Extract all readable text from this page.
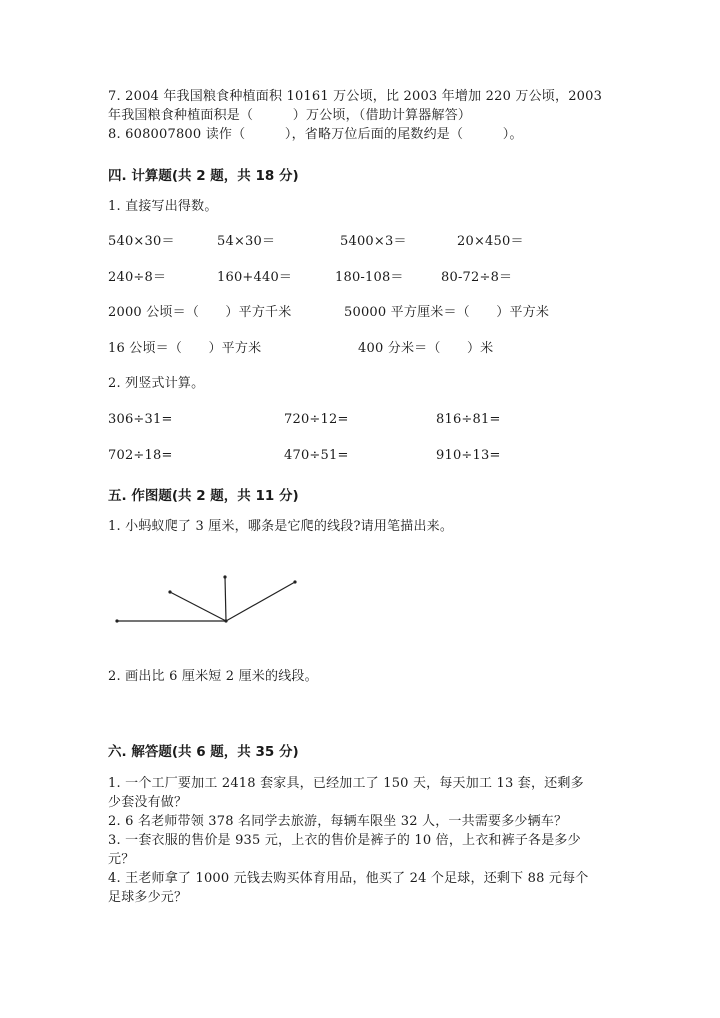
7. 2004 年我国粮食种植面积 10161 万公顷，比 2003 年增加 220 万公顷，2003
年我国粮食种植面积是（　　　）万公顷，（借助计算器解答）
8. 608007800 读作（　　　），省略万位后面的尾数约是（　　　）。
四. 计算题(共 2 题，共 18 分)
1. 直接写出得数。
540×30＝	54×30＝	5400×3＝	20×450＝
240÷8＝	160+440＝	180-108＝	80-72÷8＝
2000 公顷＝（　　）平方千米	50000 平方厘米＝（　　）平方米
16 公顷＝（　　）平方米	400 分米＝（　　）米
2. 列竖式计算。
306÷31=	720÷12=	816÷81=
702÷18=	470÷51=	910÷13=
五. 作图题(共 2 题，共 11 分)
1. 小蚂蚁爬了 3 厘米，哪条是它爬的线段?请用笔描出来。
2. 画出比 6 厘米短 2 厘米的线段。
六. 解答题(共 6 题，共 35 分)
1. 一个工厂要加工 2418 套家具，已经加工了 150 天，每天加工 13 套，还剩多
少套没有做？
2. 6 名老师带领 378 名同学去旅游，每辆车限坐 32 人，一共需要多少辆车？
3. 一套衣服的售价是 935 元，上衣的售价是裤子的 10 倍，上衣和裤子各是多少
元？
4. 王老师拿了 1000 元钱去购买体育用品，他买了 24 个足球，还剩下 88 元每个
足球多少元？
